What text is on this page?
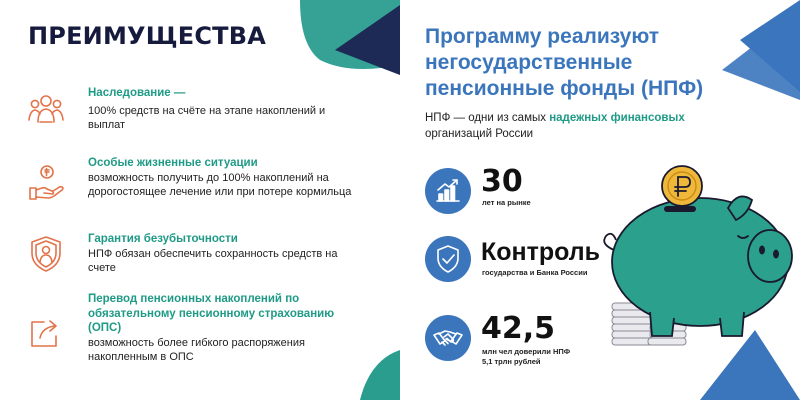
ПРЕИМУЩЕСТВА
Наследование —
100% средств на счёте на этапе накоплений и выплат
Особые жизненные ситуации
возможность получить до 100% накоплений на дорогостоящее лечение или при потере кормильца
Гарантия безубыточности
НПФ обязан обеспечить сохранность средств на счете
Перевод пенсионных накоплений по обязательному пенсионному страхованию (ОПС)
возможность более гибкого распоряжения накопленным в ОПС
Программу реализуют негосударственные пенсионные фонды (НПФ)
НПФ — одни из самых надежных финансовых организаций России
30
лет на рынке
Контроль
государства и Банка России
42,5
млн чел доверили НПФ
5,1 трлн рублей
